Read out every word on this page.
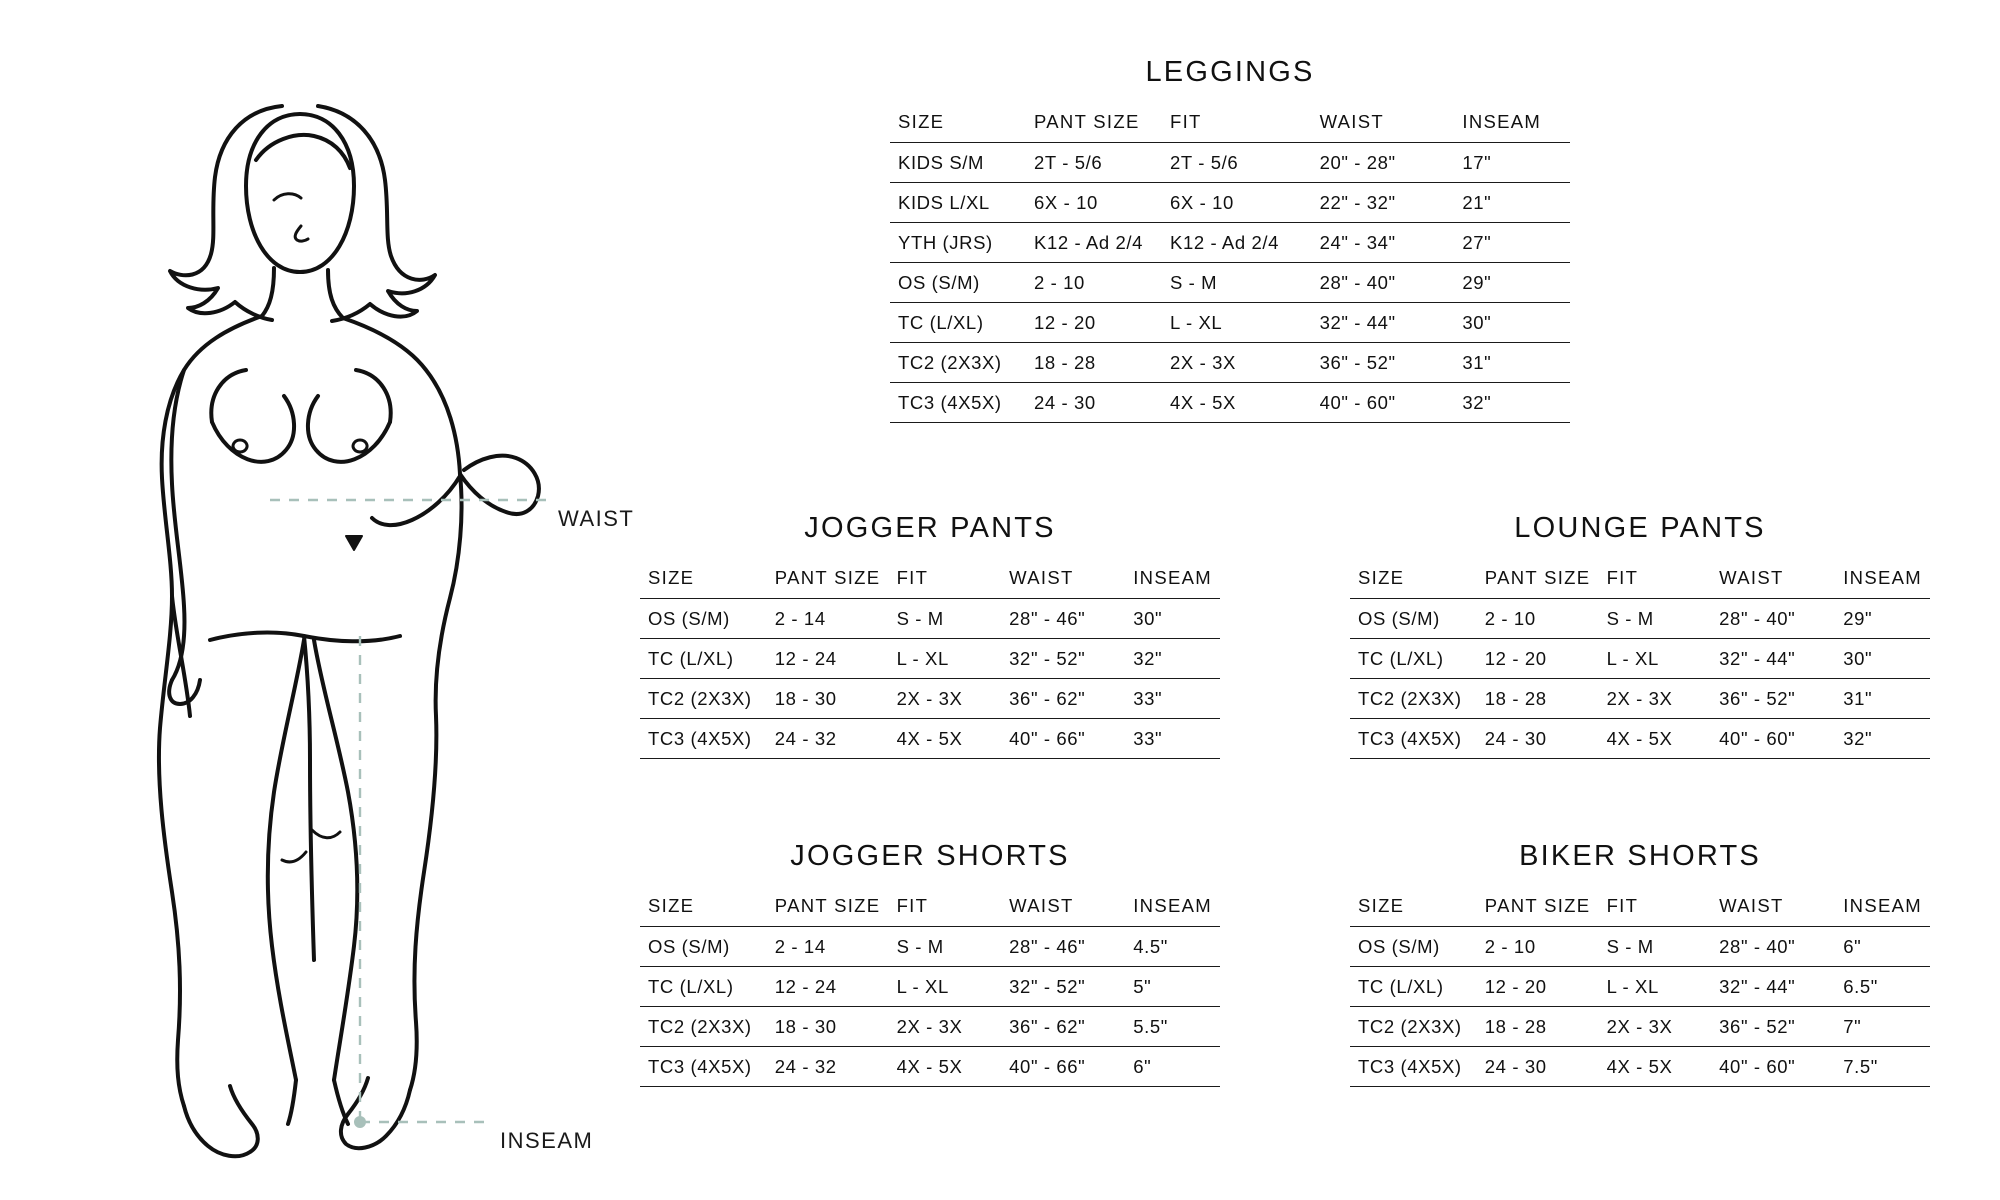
WAIST
INSEAM
LEGGINGS
SIZE	PANT SIZE	FIT	WAIST	INSEAM
KIDS S/M	2T - 5/6	2T - 5/6	20" - 28"	17"
KIDS L/XL	6X - 10	6X - 10	22" - 32"	21"
YTH (JRS)	K12 - Ad 2/4	K12 - Ad 2/4	24" - 34"	27"
OS (S/M)	2 - 10	S - M	28" - 40"	29"
TC (L/XL)	12 - 20	L - XL	32" - 44"	30"
TC2 (2X3X)	18 - 28	2X - 3X	36" - 52"	31"
TC3 (4X5X)	24 - 30	4X - 5X	40" - 60"	32"
JOGGER PANTS
SIZE	PANT SIZE	FIT	WAIST	INSEAM
OS (S/M)	2 - 14	S - M	28" - 46"	30"
TC (L/XL)	12 - 24	L - XL	32" - 52"	32"
TC2 (2X3X)	18 - 30	2X - 3X	36" - 62"	33"
TC3 (4X5X)	24 - 32	4X - 5X	40" - 66"	33"
LOUNGE PANTS
SIZE	PANT SIZE	FIT	WAIST	INSEAM
OS (S/M)	2 - 10	S - M	28" - 40"	29"
TC (L/XL)	12 - 20	L - XL	32" - 44"	30"
TC2 (2X3X)	18 - 28	2X - 3X	36" - 52"	31"
TC3 (4X5X)	24 - 30	4X - 5X	40" - 60"	32"
JOGGER SHORTS
SIZE	PANT SIZE	FIT	WAIST	INSEAM
OS (S/M)	2 - 14	S - M	28" - 46"	4.5"
TC (L/XL)	12 - 24	L - XL	32" - 52"	5"
TC2 (2X3X)	18 - 30	2X - 3X	36" - 62"	5.5"
TC3 (4X5X)	24 - 32	4X - 5X	40" - 66"	6"
BIKER SHORTS
SIZE	PANT SIZE	FIT	WAIST	INSEAM
OS (S/M)	2 - 10	S - M	28" - 40"	6"
TC (L/XL)	12 - 20	L - XL	32" - 44"	6.5"
TC2 (2X3X)	18 - 28	2X - 3X	36" - 52"	7"
TC3 (4X5X)	24 - 30	4X - 5X	40" - 60"	7.5"
